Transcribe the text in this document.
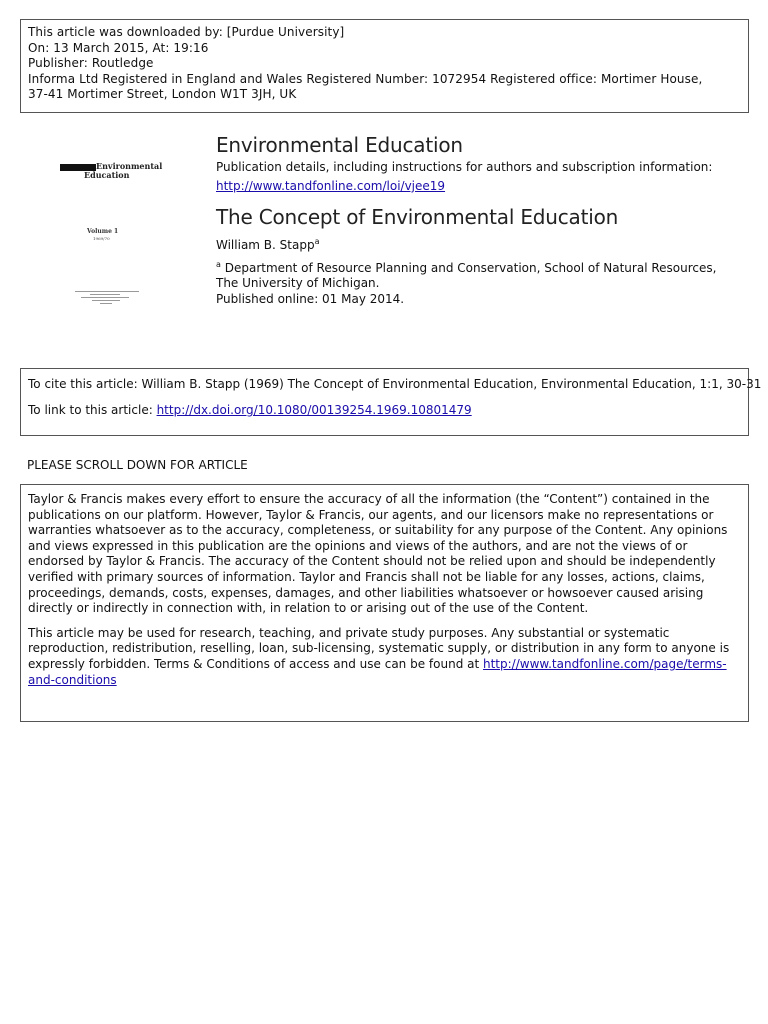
This article was downloaded by: [Purdue University]
On: 13 March 2015, At: 19:16
Publisher: Routledge
Informa Ltd Registered in England and Wales Registered Number: 1072954 Registered office: Mortimer House,
37-41 Mortimer Street, London W1T 3JH, UK
Environmental
Education
Volume 1
1969/70
Environmental Education
Publication details, including instructions for authors and subscription information:
http://www.tandfonline.com/loi/vjee19
The Concept of Environmental Education
William B. Stapp$^a$
$^a$ Department of Resource Planning and Conservation, School of Natural Resources, The University of Michigan.
Published online: 01 May 2014.
To cite this article: William B. Stapp (1969) The Concept of Environmental Education, Environmental Education, 1:1, 30-31
To link to this article: http://dx.doi.org/10.1080/00139254.1969.10801479
PLEASE SCROLL DOWN FOR ARTICLE

Taylor & Francis makes every effort to ensure the accuracy of all the information (the “Content”) contained in the publications on our platform. However, Taylor & Francis, our agents, and our licensors make no representations or warranties whatsoever as to the accuracy, completeness, or suitability for any purpose of the Content. Any opinions and views expressed in this publication are the opinions and views of the authors, and are not the views of or endorsed by Taylor & Francis. The accuracy of the Content should not be relied upon and should be independently verified with primary sources of information. Taylor and Francis shall not be liable for any losses, actions, claims, proceedings, demands, costs, expenses, damages, and other liabilities whatsoever or howsoever caused arising directly or indirectly in connection with, in relation to or arising out of the use of the Content.

This article may be used for research, teaching, and private study purposes. Any substantial or systematic reproduction, redistribution, reselling, loan, sub-licensing, systematic supply, or distribution in any form to anyone is expressly forbidden. Terms & Conditions of access and use can be found at http://www.tandfonline.com/page/terms-and-conditions
